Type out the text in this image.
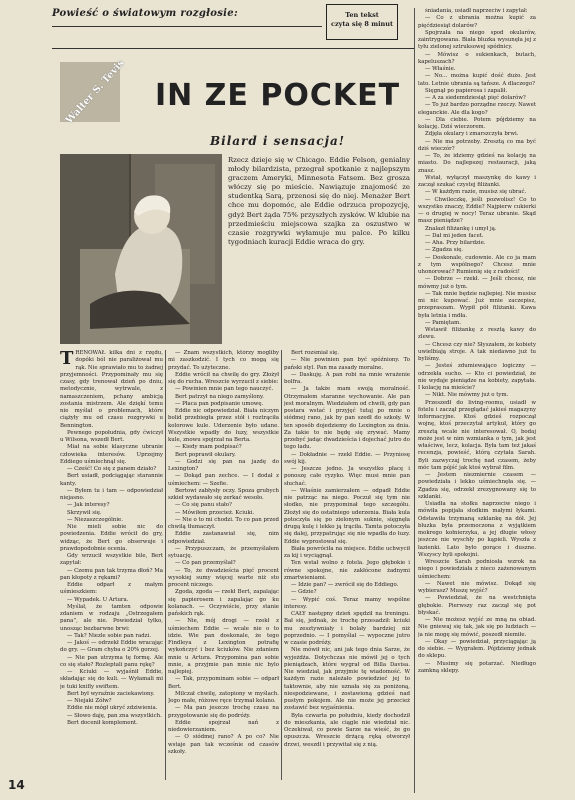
Powieść o światowym rozgłosie:	Ten tekst
czyta się 8 minut
Walter S. Tevis IN ZE POCKET
Bilard i sensacja!
Rzecz dzieje się w Chicago. Eddie Felson, genialny młody bilardzista, przegrał spotkanie z najlepszym graczem Ameryki, Minnesota Fatsem. Bez grosza włóczy się po mieście. Nawiązuje znajomość ze studentką Sarą, przenosi się do niej. Menażer Bert chce mu dopomóc, ale Eddie odrzuca propozycję, gdyż Bert żąda 75% przyszłych zysków. W klubie na przedmieściu miejscowa szajka za oszustwo w czasie rozgrywki wyłamuje mu palce. Po kilku tygodniach kuracji Eddie wraca do gry.
T RENOWAŁ kilka dni z rzędu, dopóki ból nie paraliżował mu rąk. Nie sprawiało mu to żadnej przyjemności. Przypominały mu się czasy, gdy trenował dzień po dniu, metodycznie, wytrwale, z namaszczeniem, pchany ambicją zostania mistrzem. Ale dziękí temu nie myślał o problemach, które ciążyły mu od czasu rozgrywki u Bennington.

Pewnego popołudnia, gdy ćwiczył u Wilsona, wszedł Bert.

Miał na sobie klasyczne ubranie człowieka interesów. Uprzejmy Eddiego uśmiechnął się.

— Cześć! Co się z panem działo?

Bert usiadł, podciągając starannie kanty.

— Byłem tu i tam — odpowiedział niejasno.

— Jak interesy?

Skrzywił się.

— Niezaszczególnie.

Nie mieli sobie nic do powiedzenia. Eddie wrócił do gry, widząc, że Bert go obserwuje i prawdopodobnie ocenia.

Gdy wrzucił wszystkie bile, Bert zapytał:

— Czemu pan tak trzyma dłoń? Ma pan kłopoty z rękami?

Eddie odparł z małym uśmieszkiem:

— Wypadek. U Artura.

Myślał, że tamten odpowie zdaniem w rodzaju „Ostrzegałem pana”, ale nie. Powiedział tylko, unosząc bezbarwne brwi:

— Tak? Niezle sobie pan radzi.

— Jakoś — odrzekł Eddie wracając do gry. — Gram chyba o 20% gorzej.

— Nie pan utrzyma tę formę. Ale co się stało? Rozleptali panu rękę?

— Kciuki — wyjaśnił Eddie, składając się do kuli. — Wyłamali mi je tuki knifly swiftem.

Bert był wyraźnie zaciekawiony.

— Niejaki Zółw?

Eddie nie mógł ukryć zdziwienia.

— Słowo daję, pan zna wszystkich.

Bert docenił komplement.

— Znam wszystkich, którzy mogliby mi zaszkodzić. I tych co mogą się przydać. To użyteczne.

Eddie wrócił na chwilę do gry. Złożył się do rucha. Wreszcie wyrzucił z siebie:

— Powinien mnie pan tego nauczyć.

Bert patrzył na niego zamyślony.

— Płaca pan podpisanie umowę.

Eddie nic odpowiedział. Biała niczym bolid przebiegła przez stół i roztrąciła kolorowe kule. Uderzenie było udane. Wszystkie wpadły do łuzy, wszystkie kule, znowu spojrzał na Berta.

— Kiedy mam podpisać?

Bert poprawił okulary.

— Godzi się pan na jazdę do Lexington?

— Dokąd pan zechce. — I dodał z uśmiechem: — Szefie.

Bertowi zabłysły oczy. Spoza grubych szkieł wydawało się zerkać wesoło.

— Co się panu stało?

— Mówiłem przecież. Kciuki.

— Nie o to mi chodzi. To co pan przed chwilą tłumaczył.

Eddie zastanawiał się, nim odpowiedział.

— Przypuszczam, że przemyślałem sytuację.

— Co pan przemyślał?

— To, że dwadzieścia pięć procent wysokiej sumy więcej warte niż sto procent niczego.

Zgoda, zgoda — rzekł Bert, zapalając się papierosem i zapalając go ku kolanach. — Oczywiście, przy stanie pańskich rąk.

— Nie, mój drogi — rzekł z uśmiechem Eddie — wcale nie o to idzie. Wie pan doskonale, że tego Findleya z Lexington potrafię wykończyć i bez kciuków. Nie zdaniem mnie u Artura. Przypomina pan sobie mnie, a przyjmie pan mnie nic bylo najlepiej.

— Tak, przypominam sobie — odparł Bert.

Milczał chwilę, zatopiony w myślach. Jego małe, różowe ręce trzymał kolano.

— Ma pan jeszcze trochę czasu na przygotowanie się do podróży.

Eddie spojrzał nań z niedowierzaniem.

— O siódmej rano? A po co? Nie wstaje pan tak wcześnie od czasów szkoły.

Bert rozśmiał się.

— Nie powinien pan być spóźniony. To pański styl. Pan ma zasady moralne.

— Daskuję. A pan robi na mnie wrażenie bolfra.

— Ja także mam swoją moralność. Otrzymałem staranne wychowanie. Ale pan jest moralnym. Wiedziałem od chwili, gdy pan postara wstać i przyjęć tutaj po mnie o siódmej rano, jak by pan szedł do szkoły. W ten sposób dojedziemy do Lexington za dnia. Za takie to nie będę się zrywać. Mamy przebyć jadąc dwadzieścia i dojechać jutro do tego ładu.

— Dokładnie — rzekł Eddie. — Przyniosę swój kij.

— Jeszcze jedno. Ja wszystko płacę i ponoszę całe ryzyko. Więc musi mnie pan słuchać.

— Właśnie zamierzałem — odpadł Eddie nie patrząc na niego. Poczuł się tym nie słodko, nie przypominał tego szczegółu. Złożył się do ostatniego uderzenia. Biała kula potoczyła się po zielonym suknie, sięgnęła drugą kulę i lekko ją trąciła. Tamta potoczyła się dalej, przypatrując się nie wpadła do łuzy. Eddie wyprostował się.

Biała powróciła na miejsce. Eddie uchwycił za kij i wyciągnął.

Ten wstał wolno z fotela. Jego głębokie i równe spokojne, nie zakłócone żadnymi zmartwieniami.

— Idzie pan? — zwrócił się do Eddiego.

— Gdzie?

— Wypić coś. Teraz mamy wspólne interesy.

CAŁY następny dzień spędził na treningu. Bał się, jednak, że trochę przesadził: kciuki mu zesztywniały i bolały bardziej niż poprzednio. — I pomyślał — wypoczne jutro w czasie podróży.

Nie mówił nic, ani jak tego dnia Sarze, że wyjeżdża. Dotychczas nie mówił jej o tych pieniądzach, które wygrał od Billa Davisa. Nie wiedział, jak przyjmie tę wiadomość. W każdym razie należało powiedzieć jej to taktownie, aby nie uznała się za poniżoną, niespodziewane, i zostawioną gdzieś nad pustym pokojem. Ale nie może jej przecież zostawić bez wyjaśnienia.

Była czwarta po południu, kiedy dochodził do mieszkania, ale ciągle nie wiedział nic. Oczekiwał, co powie Sarze na wieść, że go opuszcza. Wreszcie drżącą ręką otworzył drzwi, weszdł i przywitał się z nią.

śniadania, usiadł naprzeciw i zapytał:

— Co z ubrania można kupić za pięćdziesiąt dolarów?

Spojrzała na niego spod okularów, zaintrygowana. Biała bluzka wysunęła jej z tyłu zielonej sztruksowej spódnicy.

— Mówisz o sukienkach, butach, kapeluszach?

— Właśnie.

— No... można kupić dość dużo. Jest lato. Letnie ubrania są tańsze. A dlaczego?

Sięgnął po papierosa i zapalił.

— A za siedemdziesiąt pięć dolarów?

— To już bardzo porządne rzeczy. Nawet eleganckie. Ale dla kogo?

— Dla ciebie. Potem pójdziemy na kolację. Dziś wieczorem.

Zdjęła okulary i zmarszczyła brwi.

— Nie ma potrzeby. Zresztą co ma być dziś wieczór?

— To, że idziemy gdzieś na kolację na miasto. Do najlepszej restauracji, jaką znasz.

Wstał, wyłączył maszynkę do kawy i zaczął szukać czystej filiżanki.

— W każdym razie, musisz się ubrać.

— Chwileczkę, jeśli pozwolisz! Co to wszystko znaczy, Eddie? Najpierw cukierki — o drugiej w nocy! Teraz ubranie. Skąd masz pieniądze?

Znalazł filiżankę i umył ją.

— Dał mi jeden facet.

— Aha. Przy bilardzie.

— Zgadza się.

— Doskonale, cudownie. Ale co ja mam z tym wspólnego? Chcesz mnie uhonorować? Rumienię się z radości!

— Dobrze — rzekł. — Jeśli chcesz, nie mówmy już o tym.

— Tak mnie będzie najlepiej. Nie musisz mi nic kupować. Już mnie zaczepisz, przepraszam. Wypił pół filiżanki. Kawa była letnia i mdła.

— Pamiętam.

Wstawił filiżankę z resztą kawy do zlewu.

— Chcesz czy nie? Słyszałem, że kobiety uwielbiają stroje. A tak niedawno już tu byliśmy.

— Jesteś zdumiewająco logiczny — odrzekła sucho. — Kto ci powiedział, że nie wydaje pieniądze na kobiety, zapytała. I kolację na mieście?

— Nikt. Nie mówmy już o tym.

Przeszedł do living-roomu, usiadł w fotelu i zaczął przeglądać jakieś magazyny informacyjne. Ktoś gdzieś rozpoczął wojnę, ktoś przeczytał artykuł, który go zresztą wcale nie interesował. O, bodaj może jest w nim wzmianka o tym, jak jest właściwe, lecz, kolacja. Była tam też jakaś recenzja, powieść, którą czytała Sarah. Byli zazwyczaj trochę nad czasem, żeby móc tam pójść jak ktoś wybrał film.

— Jestem niezmiernie czasem — powiedziała i lekko uśmiechnęła się. — Zgadza się, odrzekł zrezygnowany się to szklanki.

Usiadła na stołku naprzeciw niego i mówiła popijała słodkim małymi łykami. Odstawiła trzymaną szklankę na dół. Jej bluzka była przemoczona z wyjątkiem mokrego kołnierzyka, a jej długie włosy jeszcze nie wyschły po kąpieli. Wyszła z łazienki. Lato było gorące i duszne. Wszyscy byli spokojni.

Wreszcie Sarah podniosła wzrok na niego i powiedziała z nieco zażenowanym uśmiechem:

— Nawet nie mówisz. Dokąd się wybierasz? Muszę wyjść?

— Powiedział, że na westchnięta głębokie. Pierwszy raz zaczął się pot błyskać.

— Nie możesz wyjść ze mną na obiad. Nie gniewaj się tak, jak się po ludziach — ja nie mogę się mówić, poszedł niemiłe.

— Okay — powiedział, przyciągając ją do siebie. — Wygrałem. Pójdziemy jednak do sklepu.

— Musimy się potarzać. Niedługo zamkną sklepy.

14
